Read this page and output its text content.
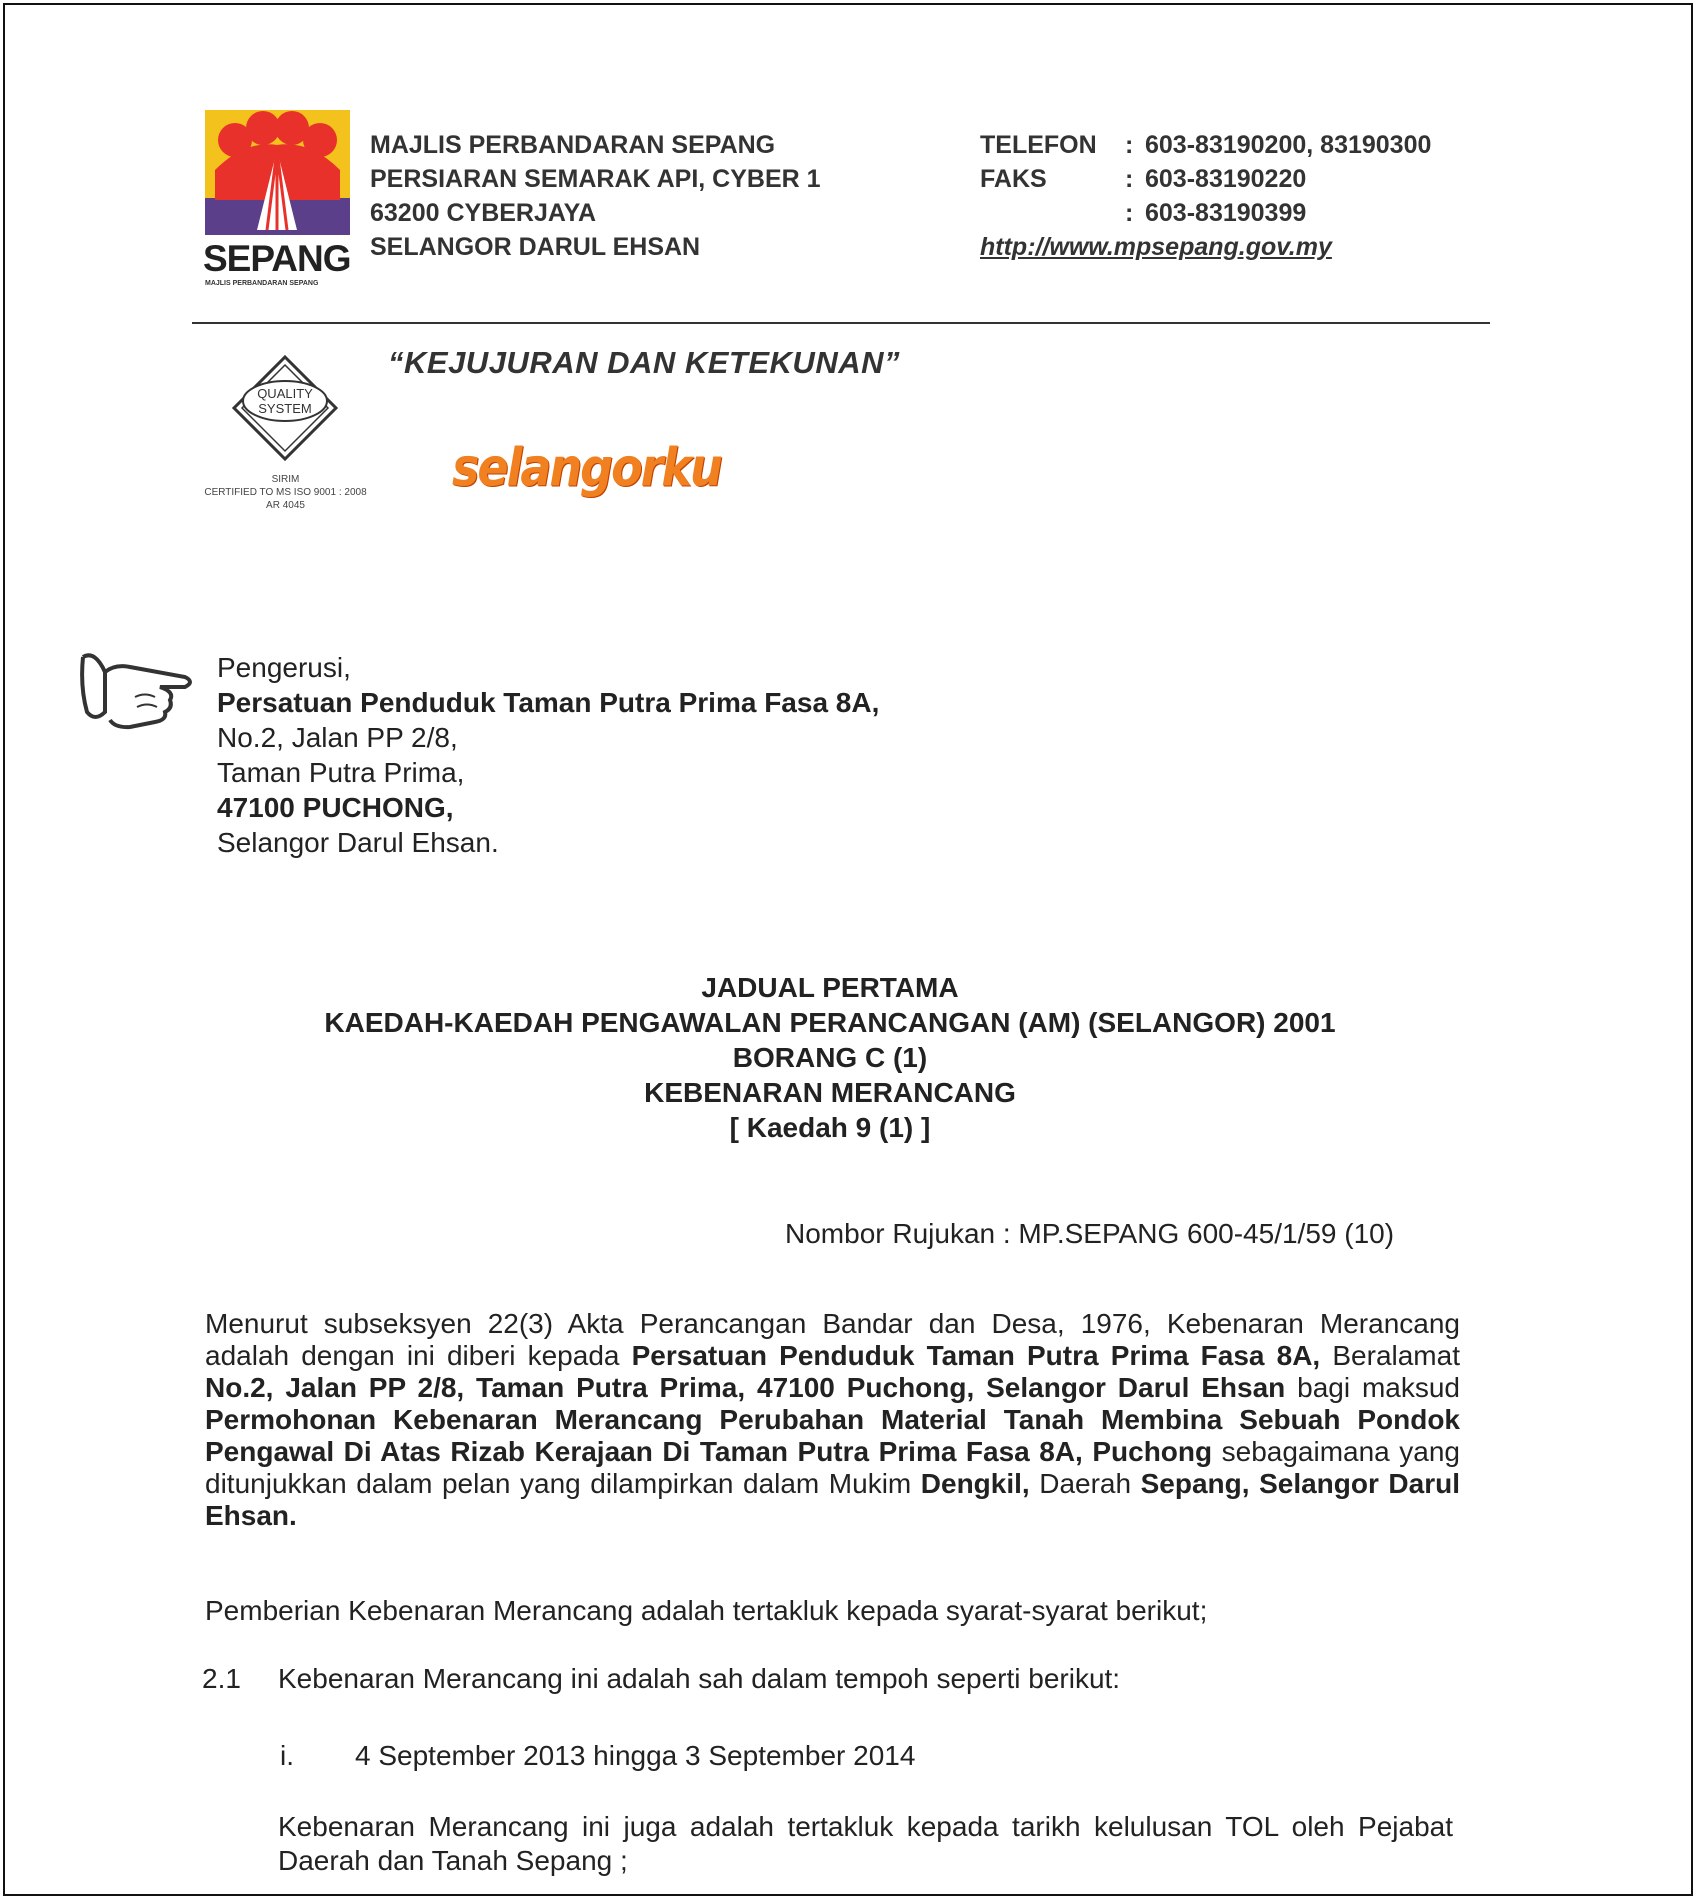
SEPANG
MAJLIS PERBANDARAN SEPANG
MAJLIS PERBANDARAN SEPANG
PERSIARAN SEMARAK API, CYBER 1
63200 CYBERJAYA
SELANGOR DARUL EHSAN
TELEFON : 603-83190200, 83190300
FAKS	: 603-83190220
: 603-83190399
http://www.mpsepang.gov.my
“KEJUJURAN DAN KETEKUNAN”
QUALITY
SYSTEM
SIRIM
CERTIFIED TO MS ISO 9001 : 2008
AR 4045
selangorku
Pengerusi,
Persatuan Penduduk Taman Putra Prima Fasa 8A,
No.2, Jalan PP 2/8,
Taman Putra Prima,
47100 PUCHONG,
Selangor Darul Ehsan.
JADUAL PERTAMA
KAEDAH-KAEDAH PENGAWALAN PERANCANGAN (AM) (SELANGOR) 2001
BORANG C (1)
KEBENARAN MERANCANG
[ Kaedah 9 (1) ]
Nombor Rujukan : MP.SEPANG 600-45/1/59 (10)
Menurut subseksyen 22(3) Akta Perancangan Bandar dan Desa, 1976, Kebenaran Merancang adalah dengan ini diberi kepada Persatuan Penduduk Taman Putra Prima Fasa 8A, Beralamat No.2, Jalan PP 2/8, Taman Putra Prima, 47100 Puchong, Selangor Darul Ehsan bagi maksud Permohonan Kebenaran Merancang Perubahan Material Tanah Membina Sebuah Pondok Pengawal Di Atas Rizab Kerajaan Di Taman Putra Prima Fasa 8A, Puchong sebagaimana yang ditunjukkan dalam pelan yang dilampirkan dalam Mukim Dengkil, Daerah Sepang, Selangor Darul Ehsan.
Pemberian Kebenaran Merancang adalah tertakluk kepada syarat-syarat berikut;
2.1 Kebenaran Merancang ini adalah sah dalam tempoh seperti berikut:
i. 4 September 2013 hingga 3 September 2014
Kebenaran Merancang ini juga adalah tertakluk kepada tarikh kelulusan TOL oleh Pejabat Daerah dan Tanah Sepang ;
